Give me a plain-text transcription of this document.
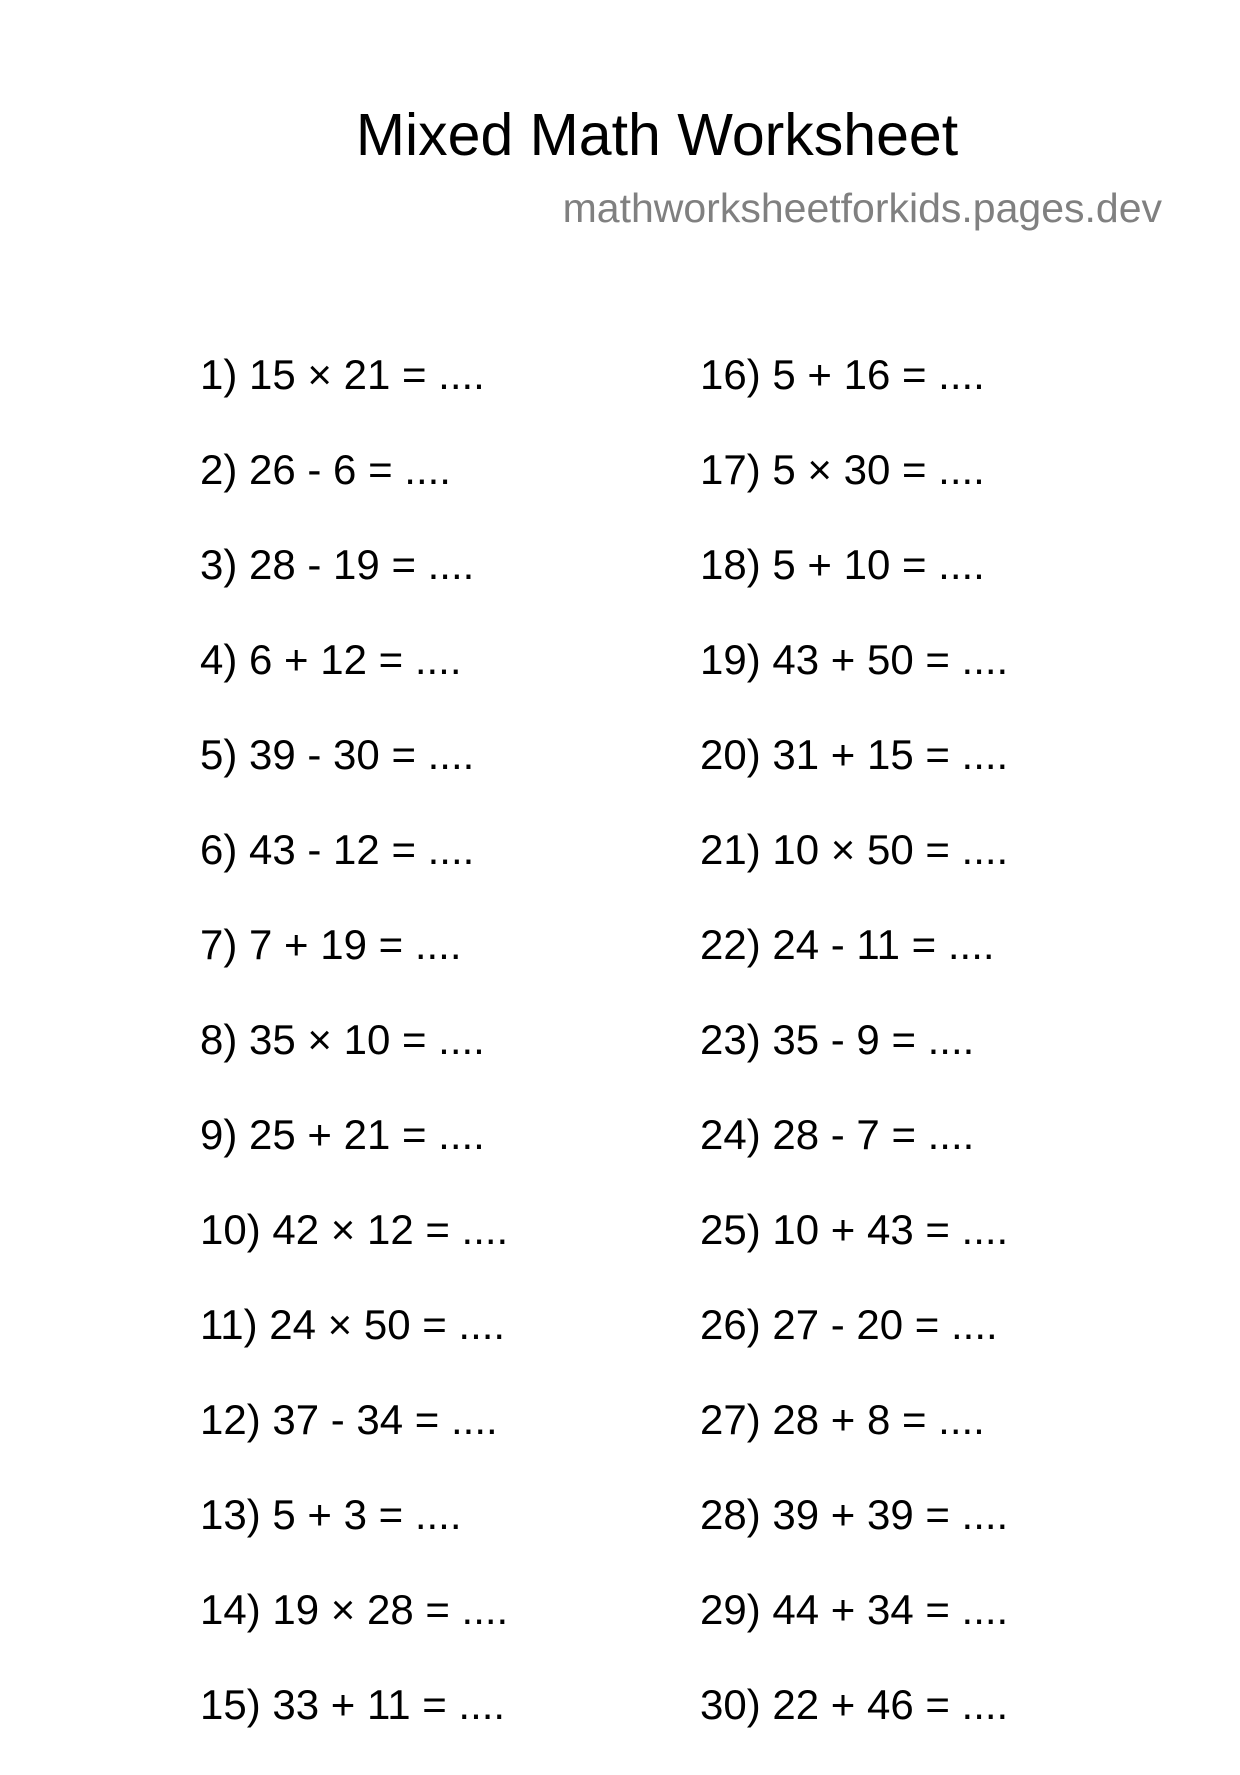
Mixed Math Worksheet

mathworksheetforkids.pages.dev

1) 15 × 21 = ....
2) 26 - 6 = ....
3) 28 - 19 = ....
4) 6 + 12 = ....
5) 39 - 30 = ....
6) 43 - 12 = ....
7) 7 + 19 = ....
8) 35 × 10 = ....
9) 25 + 21 = ....
10) 42 × 12 = ....
11) 24 × 50 = ....
12) 37 - 34 = ....
13) 5 + 3 = ....
14) 19 × 28 = ....
15) 33 + 11 = ....
16) 5 + 16 = ....
17) 5 × 30 = ....
18) 5 + 10 = ....
19) 43 + 50 = ....
20) 31 + 15 = ....
21) 10 × 50 = ....
22) 24 - 11 = ....
23) 35 - 9 = ....
24) 28 - 7 = ....
25) 10 + 43 = ....
26) 27 - 20 = ....
27) 28 + 8 = ....
28) 39 + 39 = ....
29) 44 + 34 = ....
30) 22 + 46 = ....
